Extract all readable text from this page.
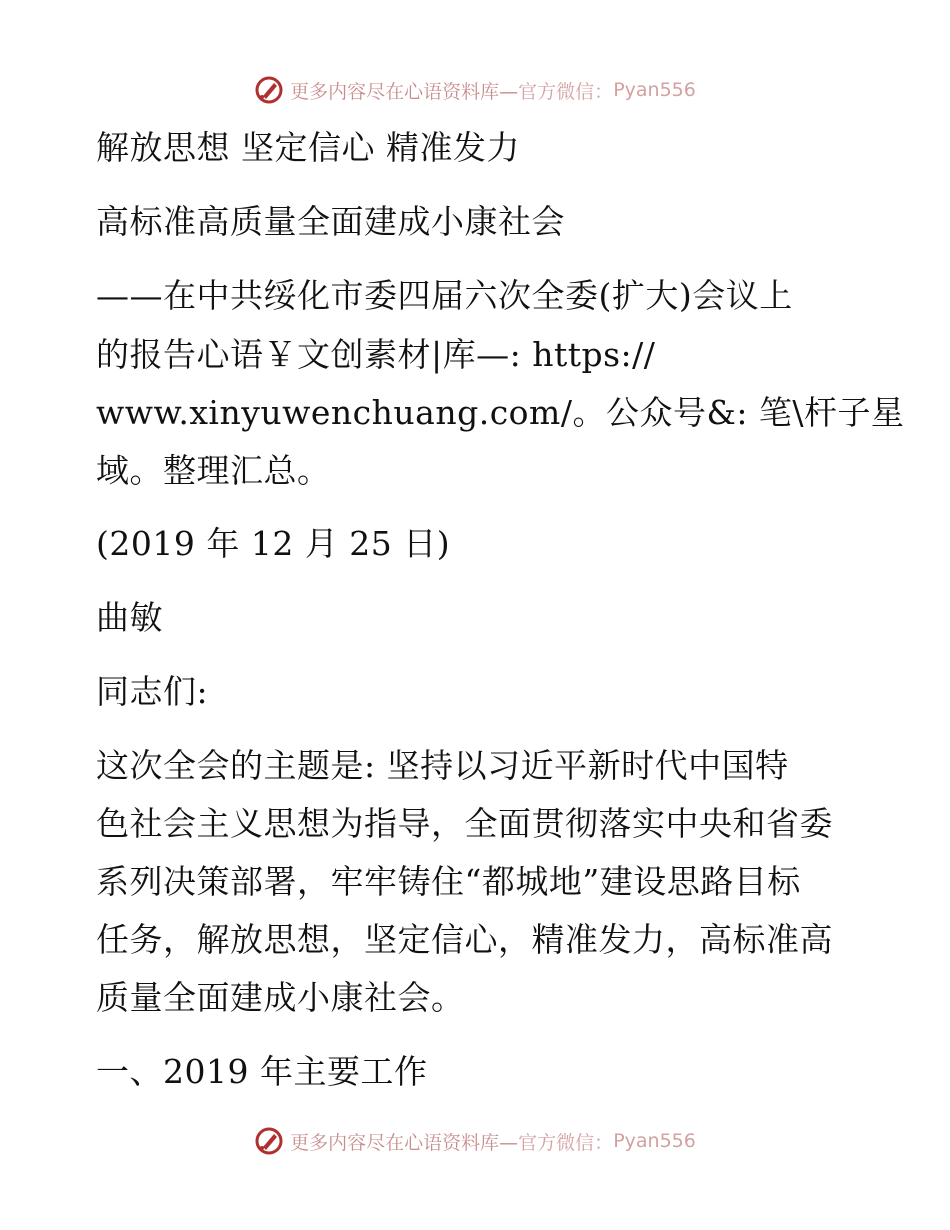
更多内容尽在心语资料库— 官方微信： Pyan556

解放思想 坚定信心 精准发力

高标准高质量全面建成小康社会

——在中共绥化市委四届六次全委(扩大)会议上

的报告心语￥文创素材|库—: https://

www.xinyuwenchuang.com/。公众号&: 笔\杆子星

域。整理汇总。

(2019 年 12 月 25 日)

曲敏

同志们:

这次全会的主题是: 坚持以习近平新时代中国特

色社会主义思想为指导，全面贯彻落实中央和省委

系列决策部署，牢牢铸住“都城地”建设思路目标

任务，解放思想，坚定信心，精准发力，高标准高

质量全面建成小康社会。

一、2019 年主要工作

更多内容尽在心语资料库— 官方微信： Pyan556
